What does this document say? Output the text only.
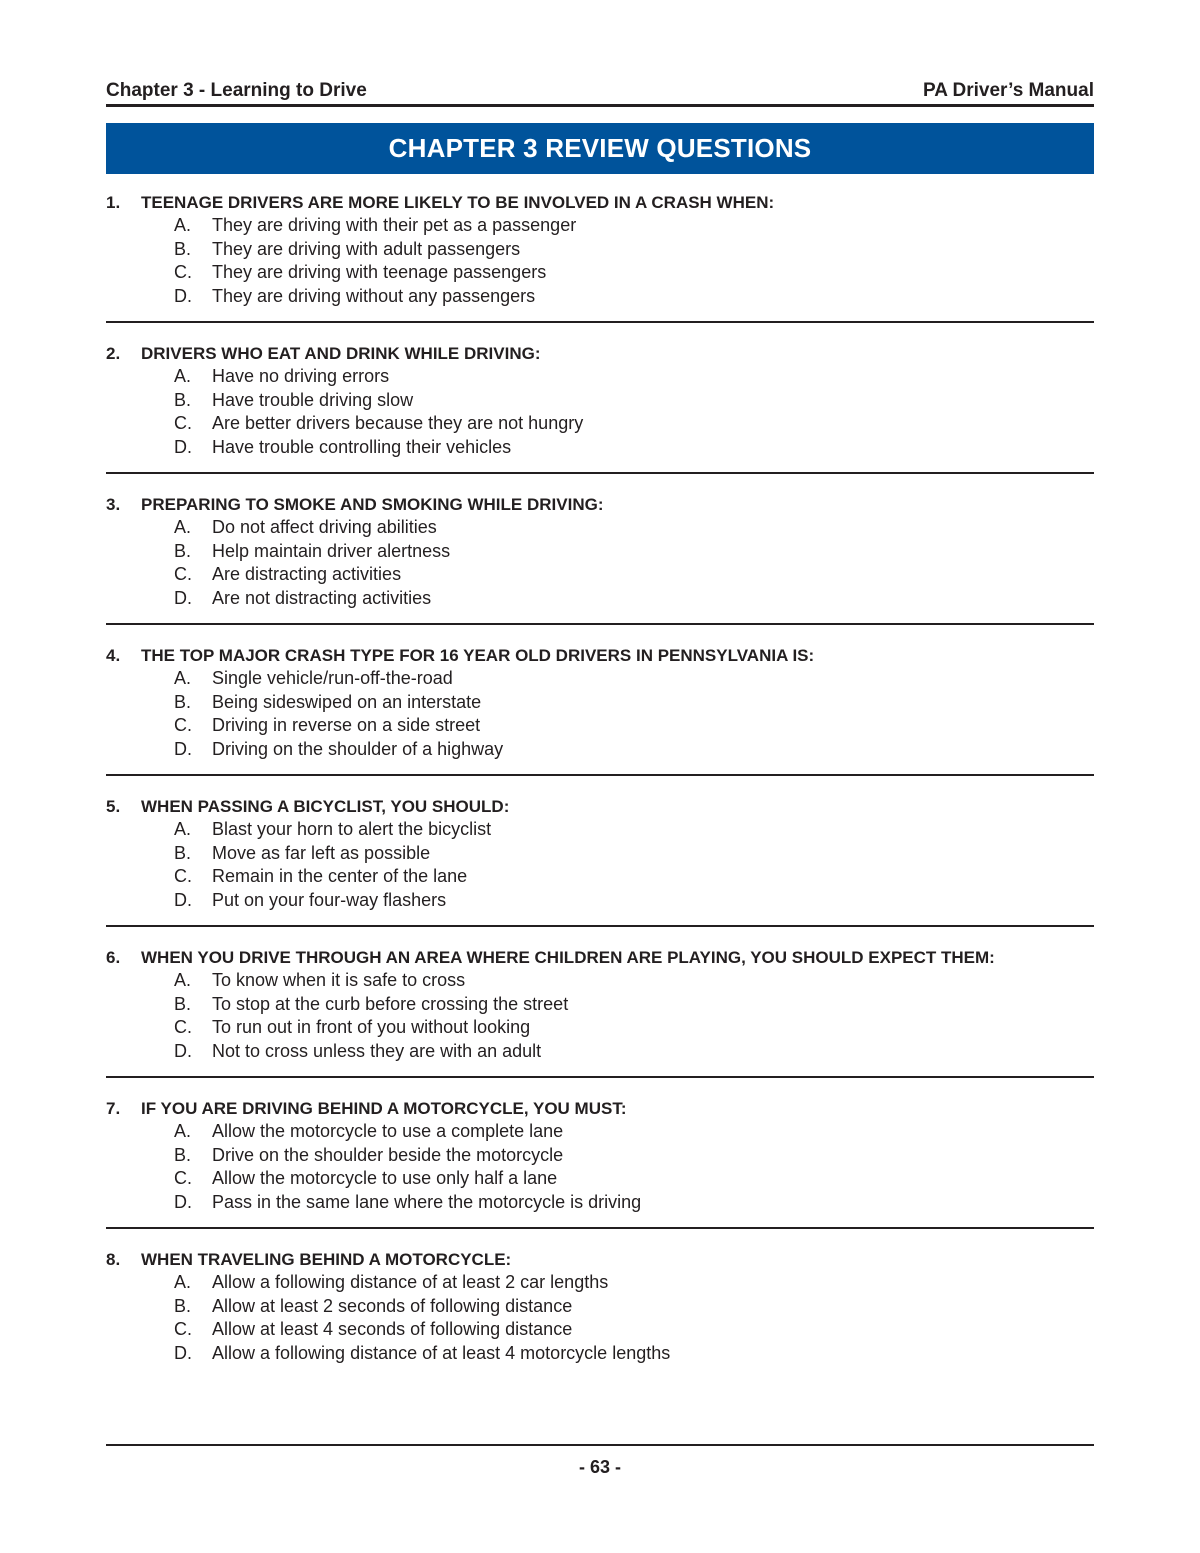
Chapter 3 - Learning to Drive	PA Driver’s Manual
CHAPTER 3 REVIEW QUESTIONS
1.	TEENAGE DRIVERS ARE MORE LIKELY TO BE INVOLVED IN A CRASH WHEN:
A.	They are driving with their pet as a passenger
B.	They are driving with adult passengers
C.	They are driving with teenage passengers
D.	They are driving without any passengers
2.	DRIVERS WHO EAT AND DRINK WHILE DRIVING:
A.	Have no driving errors
B.	Have trouble driving slow
C.	Are better drivers because they are not hungry
D.	Have trouble controlling their vehicles
3.	PREPARING TO SMOKE AND SMOKING WHILE DRIVING:
A.	Do not affect driving abilities
B.	Help maintain driver alertness
C.	Are distracting activities
D.	Are not distracting activities
4.	THE TOP MAJOR CRASH TYPE FOR 16 YEAR OLD DRIVERS IN PENNSYLVANIA IS:
A.	Single vehicle/run-off-the-road
B.	Being sideswiped on an interstate
C.	Driving in reverse on a side street
D.	Driving on the shoulder of a highway
5.	WHEN PASSING A BICYCLIST, YOU SHOULD:
A.	Blast your horn to alert the bicyclist
B.	Move as far left as possible
C.	Remain in the center of the lane
D.	Put on your four-way flashers
6.	WHEN YOU DRIVE THROUGH AN AREA WHERE CHILDREN ARE PLAYING, YOU SHOULD EXPECT THEM:
A.	To know when it is safe to cross
B.	To stop at the curb before crossing the street
C.	To run out in front of you without looking
D.	Not to cross unless they are with an adult
7.	IF YOU ARE DRIVING BEHIND A MOTORCYCLE, YOU MUST:
A.	Allow the motorcycle to use a complete lane
B.	Drive on the shoulder beside the motorcycle
C.	Allow the motorcycle to use only half a lane
D.	Pass in the same lane where the motorcycle is driving
8.	WHEN TRAVELING BEHIND A MOTORCYCLE:
A.	Allow a following distance of at least 2 car lengths
B.	Allow at least 2 seconds of following distance
C.	Allow at least 4 seconds of following distance
D.	Allow a following distance of at least 4 motorcycle lengths
- 63 -
